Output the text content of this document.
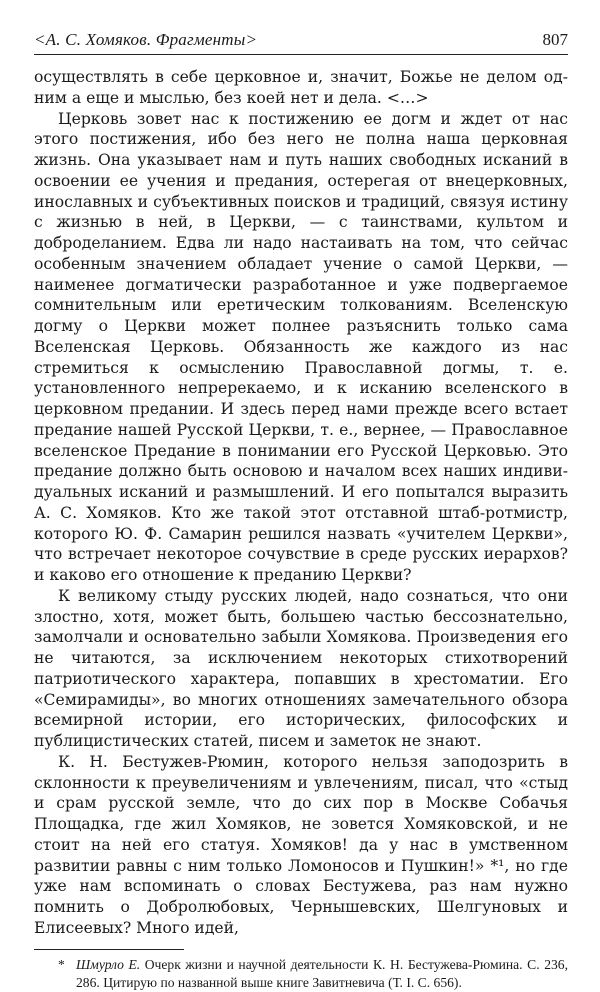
<А. С. Хомяков. Фрагменты>	807

осуществлять в себе церковное и, значит, Божье не делом одним а еще и мыслью, без коей нет и дела. <…>

Церковь зовет нас к постижению ее догм и ждет от нас этого постижения, ибо без него не полна наша церковная жизнь. Она указывает нам и путь наших свободных исканий в освоении ее учения и предания, остерегая от внецерковных, инославных и субъективных поисков и традиций, связуя истину с жизнью в ней, в Церкви, — с таинствами, культом и доброделанием. Едва ли надо настаивать на том, что сейчас особенным значением обладает учение о самой Церкви, — наименее догматически разработанное и уже подвергаемое сомнительным или еретическим толкованиям. Вселенскую догму о Церкви может полнее разъяснить только сама Вселенская Церковь. Обязанность же каждого из нас стремиться к осмыслению Православной догмы, т. е. установленного непререкаемо, и к исканию вселенского в церковном предании. И здесь перед нами прежде всего встает предание нашей Русской Церкви, т. е., вернее, — Православное вселенское Предание в понимании его Русской Церковью. Это предание должно быть основою и началом всех наших индивидуальных исканий и размышлений. И его попытался выразить А. С. Хомяков. Кто же такой этот отставной штаб-ротмистр, которого Ю. Ф. Самарин решился назвать «учителем Церкви», что встречает некоторое сочувствие в среде русских иерархов? и каково его отношение к преданию Церкви?

К великому стыду русских людей, надо сознаться, что они злостно, хотя, может быть, большею частью бессознательно, замолчали и основательно забыли Хомякова. Произведения его не читаются, за исключением некоторых стихотворений патриотического характера, попавших в хрестоматии. Его «Семирамиды», во многих отношениях замечательного обзора всемирной истории, его исторических, философских и публицистических статей, писем и заметок не знают.

К. Н. Бестужев-Рюмин, которого нельзя заподозрить в склонности к преувеличениям и увлечениям, писал, что «стыд и срам русской земле, что до сих пор в Москве Собачья Площадка, где жил Хомяков, не зовется Хомяковской, и не стоит на ней его статуя. Хомяков! да у нас в умственном развитии равны с ним только Ломоносов и Пушкин!» *¹, но где уже нам вспоминать о словах Бестужева, раз нам нужно помнить о Добролюбовых, Чернышевских, Шелгуновых и Елисеевых? Много идей,

* Шмурло Е. Очерк жизни и научной деятельности К. Н. Бестужева-Рюмина. С. 236, 286. Цитирую по названной выше книге Завитневича (Т. I. С. 656).
